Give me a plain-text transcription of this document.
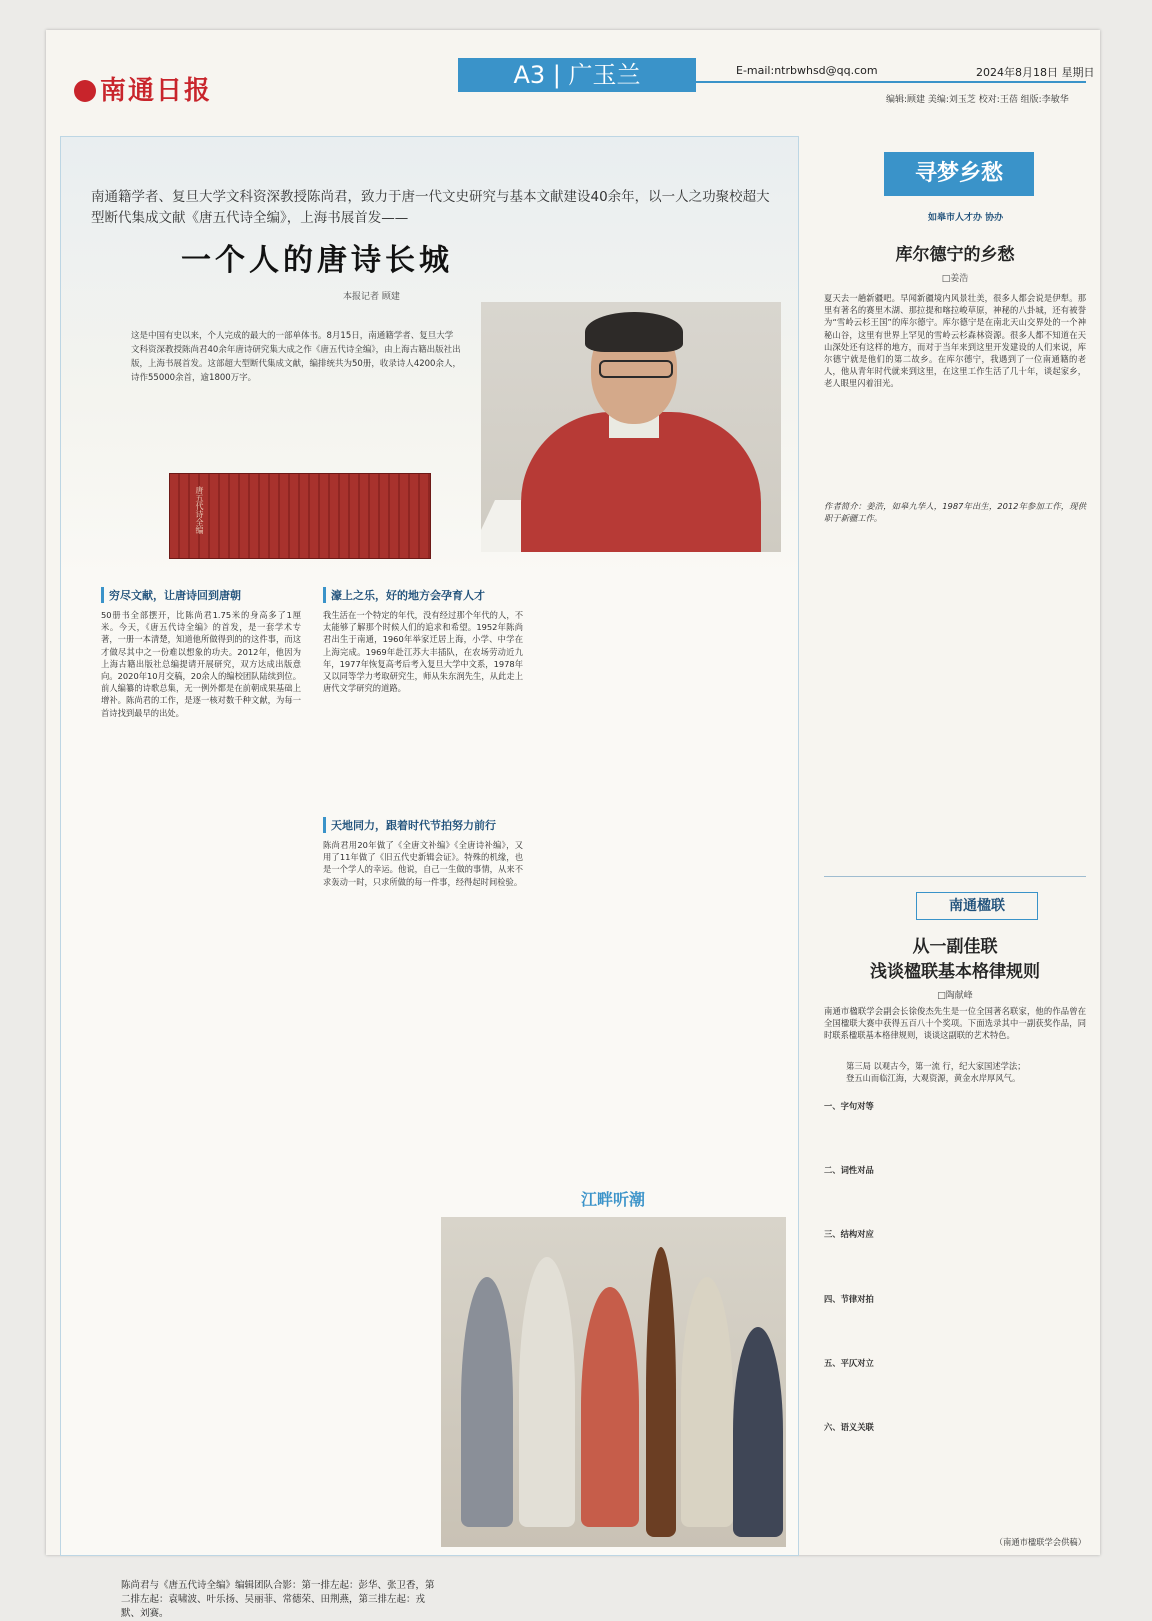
南通日报
A3 | 广玉兰	E-mail:ntrbwhsd@qq.com	2024年8月18日 星期日
编辑:顾建 美编:刘玉芝 校对:王蓓 组版:李敏华
南通籍学者、复旦大学文科资深教授陈尚君，致力于唐一代文史研究与基本文献建设40余年，以一人之功聚校超大型断代集成文献《唐五代诗全编》，上海书展首发——
一个人的唐诗长城
本报记者 顾建
这是中国有史以来，个人完成的最大的一部单体书。8月15日，南通籍学者、复旦大学文科资深教授陈尚君40余年唐诗研究集大成之作《唐五代诗全编》，由上海古籍出版社出版，上海书展首发。这部超大型断代集成文献，编排统共为50册，收录诗人4200余人，诗作55000余首，逾1800万字。
唐五代诗全编
穷尽文献，让唐诗回到唐朝
50册书全部摆开，比陈尚君1.75米的身高多了1厘米。今天，《唐五代诗全编》的首发，是一套学术专著，一册一本清楚，知道他所做得到的的这件事，而这才做尽其中之一份难以想象的功夫。2012年，他因为上海古籍出版社总编提请开展研究，双方达成出版意向。2020年10月交稿，20余人的编校团队陆续到位。前人编纂的诗歌总集，无一例外都是在前朝成果基础上增补。陈尚君的工作，是逐一核对数千种文献，为每一首诗找到最早的出处。
濠上之乐，好的地方会孕育人才
我生活在一个特定的年代，没有经过那个年代的人，不太能够了解那个时候人们的追求和希望。1952年陈尚君出生于南通，1960年举家迁居上海，小学、中学在上海完成。1969年赴江苏大丰插队，在农场劳动近九年，1977年恢复高考后考入复旦大学中文系，1978年又以同等学力考取研究生，师从朱东润先生，从此走上唐代文学研究的道路。
天地同力，跟着时代节拍努力前行
陈尚君用20年做了《全唐文补编》《全唐诗补编》，又用了11年做了《旧五代史新辑会证》。特殊的机缘，也是一个学人的幸运。他说，自己一生做的事情，从来不求轰动一时，只求所做的每一件事，经得起时间检验。
江畔听潮
陈尚君与《唐五代诗全编》编辑团队合影：第一排左起：彭华、张卫香，第二排左起：袁啸波、叶乐扬、吴丽菲、常德荣、田荆燕，第三排左起：戎默、刘赛。
寻梦乡愁
如皋市人才办 协办
库尔德宁的乡愁
□姜浩
夏天去一趟新疆吧。早闻新疆境内风景壮美，很多人都会说是伊犁。那里有著名的赛里木湖、那拉提和喀拉峻草原，神秘的八卦城，还有被誉为“雪岭云杉王国”的库尔德宁。库尔德宁是在南北天山交界处的一个神秘山谷，这里有世界上罕见的雪岭云杉森林资源。很多人都不知道在天山深处还有这样的地方，而对于当年来到这里开发建设的人们来说，库尔德宁就是他们的第二故乡。在库尔德宁，我遇到了一位南通籍的老人，他从青年时代就来到这里，在这里工作生活了几十年，谈起家乡，老人眼里闪着泪光。
作者简介：姜浩，如皋九华人，1987年出生，2012年参加工作，现供职于新疆工作。
南通楹联
从一副佳联
浅谈楹联基本格律规则
□陶献峰
南通市楹联学会副会长徐俊杰先生是一位全国著名联家，他的作品曾在全国楹联大赛中获得五百八十个奖项。下面选录其中一副获奖作品，同时联系楹联基本格律规则，谈谈这副联的艺术特色。
第三局 以观古今，第一流 行，纪大家国述学法；
登五山而临江海，大观资源，黄金水岸厚风气。
一、字句对等
二、词性对品
三、结构对应
四、节律对拍
五、平仄对立
六、语义关联
（南通市楹联学会供稿）
